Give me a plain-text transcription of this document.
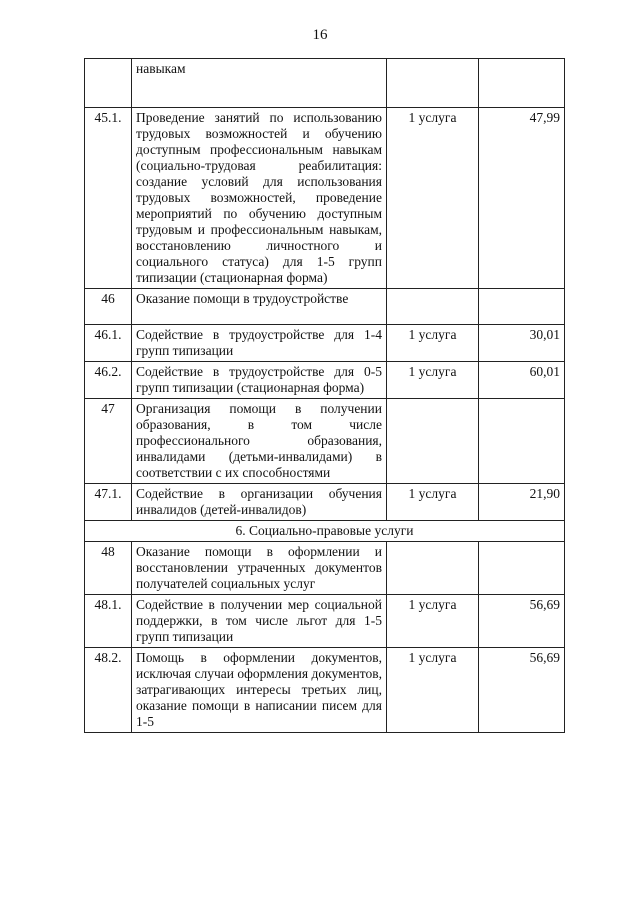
16
	навыкам		
45.1.	Проведение занятий по использованию трудовых возможностей и обучению доступным профессиональным навыкам (социально-трудовая реабилитация: создание условий для использования трудовых возможностей, проведение мероприятий по обучению доступным трудовым и профессиональным навыкам, восстановлению личностного и социального статуса) для 1-5 групп типизации (стационарная форма)	1 услуга	47,99
46	Оказание помощи в трудоустройстве		
46.1.	Содействие в трудоустройстве для 1-4 групп типизации	1 услуга	30,01
46.2.	Содействие в трудоустройстве для 0-5 групп типизации (стационарная форма)	1 услуга	60,01
47	Организация помощи в получении образования, в том числе профессионального образования, инвалидами (детьми-инвалидами) в соответствии с их способностями		
47.1.	Содействие в организации обучения инвалидов (детей-инвалидов)	1 услуга	21,90
6. Социально-правовые услуги			
48	Оказание помощи в оформлении и восстановлении утраченных документов получателей социальных услуг		
48.1.	Содействие в получении мер социальной поддержки, в том числе льгот для 1-5 групп типизации	1 услуга	56,69
48.2.	Помощь в оформлении документов, исключая случаи оформления документов, затрагивающих интересы третьих лиц, оказание помощи в написании писем для 1-5	1 услуга	56,69
